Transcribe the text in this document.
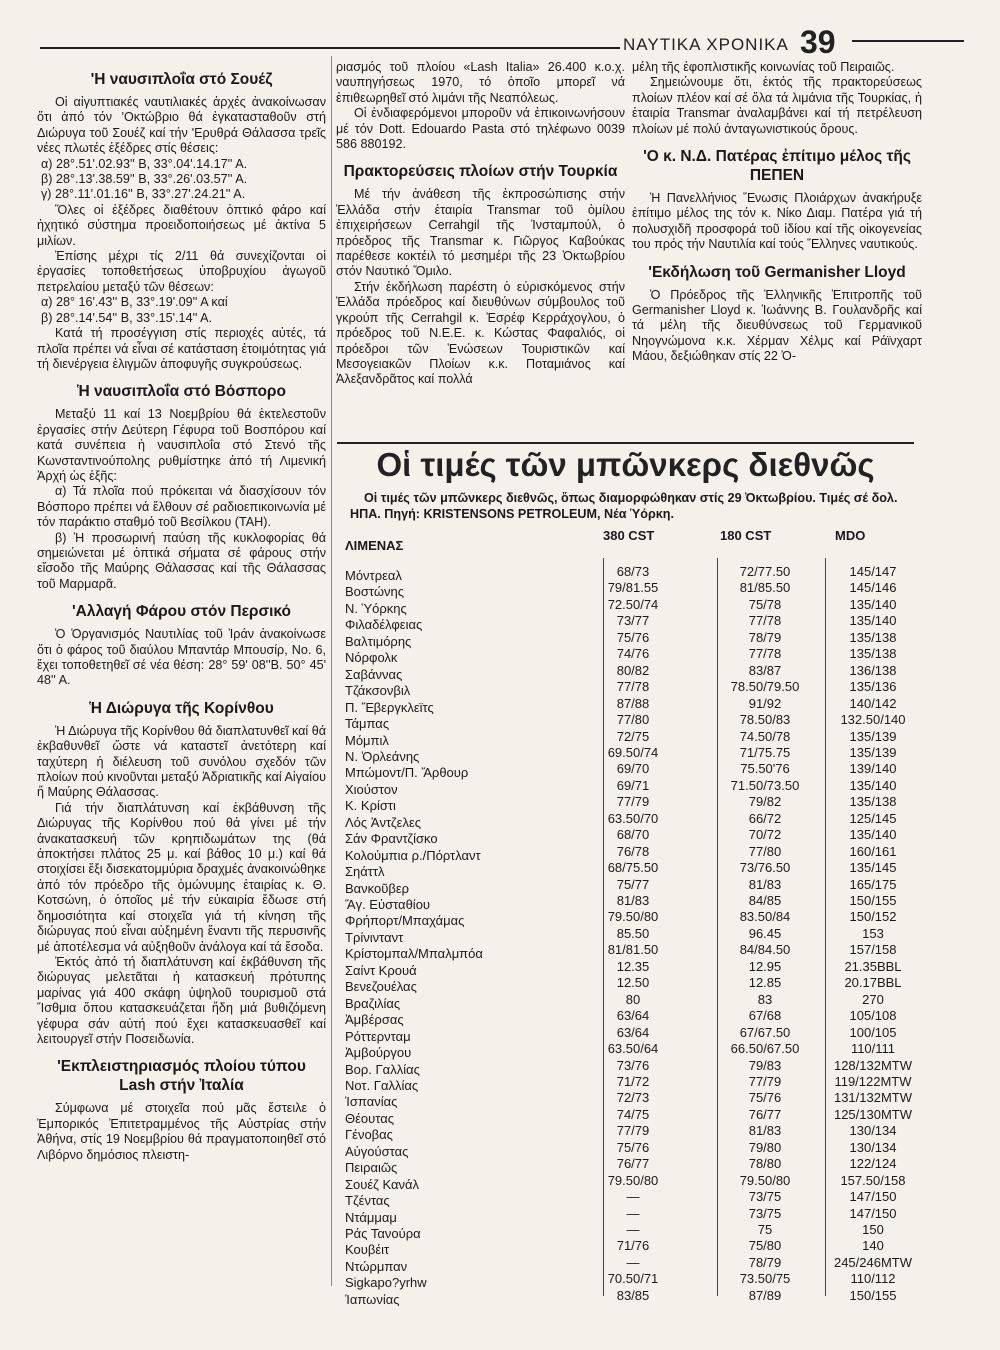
ΝΑΥΤΙΚΑ ΧΡΟΝΙΚΑ 39
'Η ναυσιπλοΐα στό Σουέζ

Οἱ αἰγυπτιακές ναυτιλιακές ἀρχές ἀνακοίνωσαν ὅτι ἀπό τόν 'Οκτώβριο θά ἐγκατασταθοῦν στή Διώρυγα τοῦ Σουέζ καί τήν 'Ερυθρά Θάλασσα τρεῖς νέες πλωτές ἐξέδρες στίς θέσεις:

α) 28°.51'.02.93'' Β, 33°.04'.14.17'' Α.

β) 28°.13'.38.59'' Β, 33°.26'.03.57'' Α.

γ) 28°.11'.01.16'' Β, 33°.27'.24.21'' Α.

Ὅλες οἱ ἐξέδρες διαθέτουν ὀπτικό φάρο καί ἠχητικό σύστημα προειδοποιήσεως μέ ἀκτίνα 5 μιλίων.

Ἐπίσης μέχρι τίς 2/11 θά συνεχίζονται οἱ ἐργασίες τοποθετήσεως ὑποβρυχίου ἀγωγοῦ πετρελαίου μεταξύ τῶν θέσεων:

α) 28° 16'.43'' Β, 33°.19'.09'' Α καί

β) 28°.14'.54'' Β, 33°.15'.14'' Α.

Κατά τή προσέγγιση στίς περιοχές αὐτές, τά πλοῖα πρέπει νά εἶναι σέ κατάσταση ἑτοιμότητας γιά τή διενέργεια ἑλιγμῶν ἀποφυγῆς συγκρούσεως.

Ἡ ναυσιπλοΐα στό Βόσπορο

Μεταξύ 11 καί 13 Νοεμβρίου θά ἐκτελεστοῦν ἐργασίες στήν Δεύτερη Γέφυρα τοῦ Βοσπόρου καί κατά συνέπεια ἡ ναυσιπλοΐα στό Στενό τῆς Κωνσταντινούπολης ρυθμίστηκε ἀπό τή Λιμενική Ἀρχή ὡς ἑξῆς:

α) Τά πλοῖα πού πρόκειται νά διασχίσουν τόν Βόσπορο πρέπει νά ἔλθουν σέ ραδιοεπικοινωνία μέ τόν παράκτιο σταθμό τοῦ Βεσίλκου (ΤΑΗ).

β) Ἡ προσωρινή παύση τῆς κυκλοφορίας θά σημειώνεται μέ ὀπτικά σήματα σέ φάρους στήν εἴσοδο τῆς Μαύρης Θάλασσας καί τῆς Θάλασσας τοῦ Μαρμαρᾶ.

'Αλλαγή Φάρου στόν Περσικό

Ὁ Ὀργανισμός Ναυτιλίας τοῦ Ἰράν ἀνακοίνωσε ὅτι ὁ φάρος τοῦ διαύλου Μπαντάρ Μπουσίρ, Νο. 6, ἔχει τοποθετηθεῖ σέ νέα θέση: 28° 59' 08''Β. 50° 45' 48'' Α.

Ἡ Διώρυγα τῆς Κορίνθου

Ἡ Διώρυγα τῆς Κορίνθου θά διαπλατυνθεῖ καί θά ἐκβαθυνθεῖ ὥστε νά καταστεῖ ἀνετότερη καί ταχύτερη ἡ διέλευση τοῦ συνόλου σχεδόν τῶν πλοίων πού κινοῦνται μεταξύ Ἀδριατικῆς καί Αἰγαίου ἤ Μαύρης Θάλασσας.

Γιά τήν διαπλάτυνση καί ἐκβάθυνση τῆς Διώρυγας τῆς Κορίνθου πού θά γίνει μέ τήν ἀνακατασκευή τῶν κρηπιδωμάτων της (θά ἀποκτήσει πλάτος 25 μ. καί βάθος 10 μ.) καί θά στοιχίσει ἕξι δισεκατομμύρια δραχμές ἀνακοινώθηκε ἀπό τόν πρόεδρο τῆς ὁμώνυμης ἑταιρίας κ. Θ. Κοτσώνη, ὁ ὁποῖος μέ τήν εὐκαιρία ἔδωσε στή δημοσιότητα καί στοιχεῖα γιά τή κίνηση τῆς διώρυγας πού εἶναι αὐξημένη ἔναντι τῆς περυσινῆς μέ ἀποτέλεσμα νά αὐξηθοῦν ἀνάλογα καί τά ἔσοδα.

Ἐκτός ἀπό τή διαπλάτυνση καί ἐκβάθυνση τῆς διώρυγας μελετᾶται ἡ κατασκευή πρότυπης μαρίνας γιά 400 σκάφη ὑψηλοῦ τουρισμοῦ στά Ἴσθμια ὅπου κατασκευάζεται ἤδη μιά βυθιζόμενη γέφυρα σάν αὐτή πού ἔχει κατασκευασθεῖ καί λειτουργεῖ στήν Ποσειδωνία.

'Εκπλειστηριασμός πλοίου τύπου Lash στήν Ἰταλία

Σύμφωνα μέ στοιχεῖα πού μᾶς ἔστειλε ὁ Ἐμπορικός Ἐπιτετραμμένος τῆς Αὐστρίας στήν Ἀθήνα, στίς 19 Νοεμβρίου θά πραγματοποιηθεῖ στό Λιβόρνο δημόσιος πλειστη-

ριασμός τοῦ πλοίου «Lash Italia» 26.400 κ.ο.χ. ναυπηγήσεως 1970, τό ὁποῖο μπορεῖ νά ἐπιθεωρηθεῖ στό λιμάνι τῆς Νεαπόλεως.

Οἱ ἐνδιαφερόμενοι μποροῦν νά ἐπικοινωνήσουν μέ τόν Dott. Edouardo Pasta στό τηλέφωνο 0039 586 880192.

Πρακτορεύσεις πλοίων στήν Τουρκία

Μέ τήν ἀνάθεση τῆς ἐκπροσώπισης στήν Ἑλλάδα στήν ἑταιρία Transmar τοῦ ὁμίλου ἐπιχειρήσεων Cerrahgil τῆς Ἰνσταμπούλ, ὁ πρόεδρος τῆς Transmar κ. Γιῶργος Καβούκας παρέθεσε κοκτέιλ τό μεσημέρι τῆς 23 Ὀκτωβρίου στόν Ναυτικό Ὅμιλο.

Στήν ἐκδήλωση παρέστη ὁ εὐρισκόμενος στήν Ἑλλάδα πρόεδρος καί διευθύνων σύμβουλος τοῦ γκρούπ τῆς Cerrahgil κ. Ἐσρέφ Κερράχογλου, ὁ πρόεδρος τοῦ Ν.Ε.Ε. κ. Κώστας Φαφαλιός, οἱ πρόεδροι τῶν Ἑνώσεων Τουριστικῶν καί Μεσογειακῶν Πλοίων κ.κ. Ποταμιάνος καί Ἀλεξανδρᾶτος καί πολλά

μέλη τῆς ἐφοπλιστικῆς κοινωνίας τοῦ Πειραιῶς.

Σημειώνουμε ὅτι, ἐκτός τῆς πρακτορεύσεως πλοίων πλέον καί σέ ὅλα τά λιμάνια τῆς Τουρκίας, ἡ ἑταιρία Transmar ἀναλαμβάνει καί τή πετρέλευση πλοίων μέ πολύ ἀνταγωνιστικούς ὅρους.

'Ο κ. Ν.Δ. Πατέρας ἐπίτιμο μέλος τῆς ΠΕΠΕΝ

Ἡ Πανελλήνιος Ἕνωσις Πλοιάρχων ἀνακήρυξε ἐπίτιμο μέλος της τόν κ. Νίκο Διαμ. Πατέρα γιά τή πολυσχιδῆ προσφορά τοῦ ἰδίου καί τῆς οἰκογενείας του πρός τήν Ναυτιλία καί τούς Ἕλληνες ναυτικούς.

'Εκδήλωση τοῦ Germanisher Lloyd

Ὁ Πρόεδρος τῆς Ἑλληνικῆς Ἐπιτροπῆς τοῦ Germanisher Lloyd κ. Ἰωάννης Β. Γουλανδρῆς καί τά μέλη τῆς διευθύνσεως τοῦ Γερμανικοῦ Νηογνώμονα κ.κ. Χέρμαν Χέλμς καί Ράϊνχαρτ Μάου, δεξιώθηκαν στίς 22 Ὀ-

Οἱ τιμές τῶν μπῶνκερς διεθνῶς
Οἱ τιμές τῶν μπῶνκερς διεθνῶς, ὅπως διαμορφώθηκαν στίς 29 Ὀκτωβρίου. Τιμές σέ δολ. ΗΠΑ. Πηγή: KRISTENSONS PETROLEUM, Νέα Ὑόρκη.
ΛΙΜΕΝΑΣ
380 CST	180 CST	MDO
Μόντρεαλ	68/73	72/77.50	145/147
Βοστώνης	79/81.55	81/85.50	145/146
Ν. Ὑόρκης	72.50/74	75/78	135/140
Φιλαδέλφειας	73/77	77/78	135/140
Βαλτιμόρης	75/76	78/79	135/138
Νόρφολκ	74/76	77/78	135/138
Σαβάννας	80/82	83/87	136/138
Τζάκσονβιλ	77/78	78.50/79.50	135/136
Π. Ἔβεργκλεϊτς	87/88	91/92	140/142
Τάμπας	77/80	78.50/83	132.50/140
Μόμπιλ	72/75	74.50/78	135/139
Ν. Ὀρλεάνης	69.50/74	71/75.75	135/139
Μπώμοντ/Π. Ἄρθουρ	69/70	75.50'76	139/140
Χιούστον	69/71	71.50/73.50	135/140
Κ. Κρίστι	77/79	79/82	135/138
Λός Ἀντζελες	63.50/70	66/72	125/145
Σάν Φραντζίσκο	68/70	70/72	135/140
Κολούμπια ρ./Πόρτλαντ	76/78	77/80	160/161
Σηάττλ	68/75.50	73/76.50	135/145
Βανκοῦβερ	75/77	81/83	165/175
Ἅγ. Εὐσταθίου	81/83	84/85	150/155
Φρήπορτ/Μπαχάμας	79.50/80	83.50/84	150/152
Τρίνινταντ	85.50	96.45	153
Κρίστομπαλ/Μπαλμπόα	81/81.50	84/84.50	157/158
Σαίντ Κρουά	12.35	12.95	21.35BBL
Βενεζουέλας	12.50	12.85	20.17BBL
Βραζιλίας	80	83	270
Ἀμβέρσας	63/64	67/68	105/108
Ρόττερνταμ	63/64	67/67.50	100/105
Ἀμβούργου	63.50/64	66.50/67.50	110/111
Βορ. Γαλλίας	73/76	79/83	128/132MTW
Νοτ. Γαλλίας	71/72	77/79	119/122MTW
Ἱσπανίας	72/73	75/76	131/132MTW
Θέουτας	74/75	76/77	125/130MTW
Γένοβας	77/79	81/83	130/134
Αὐγούστας	75/76	79/80	130/134
Πειραιῶς	76/77	78/80	122/124
Σουέζ Κανάλ	79.50/80	79.50/80	157.50/158
Τζέντας	—	73/75	147/150
Ντάμμαμ	—	73/75	147/150
Ράς Τανούρα	—	75	150
Κουβέιτ	71/76	75/80	140
Ντώρμπαν	—	78/79	245/246MTW
Sigkapo?yrhw	70.50/71	73.50/75	110/112
Ἰαπωνίας	83/85	87/89	150/155
